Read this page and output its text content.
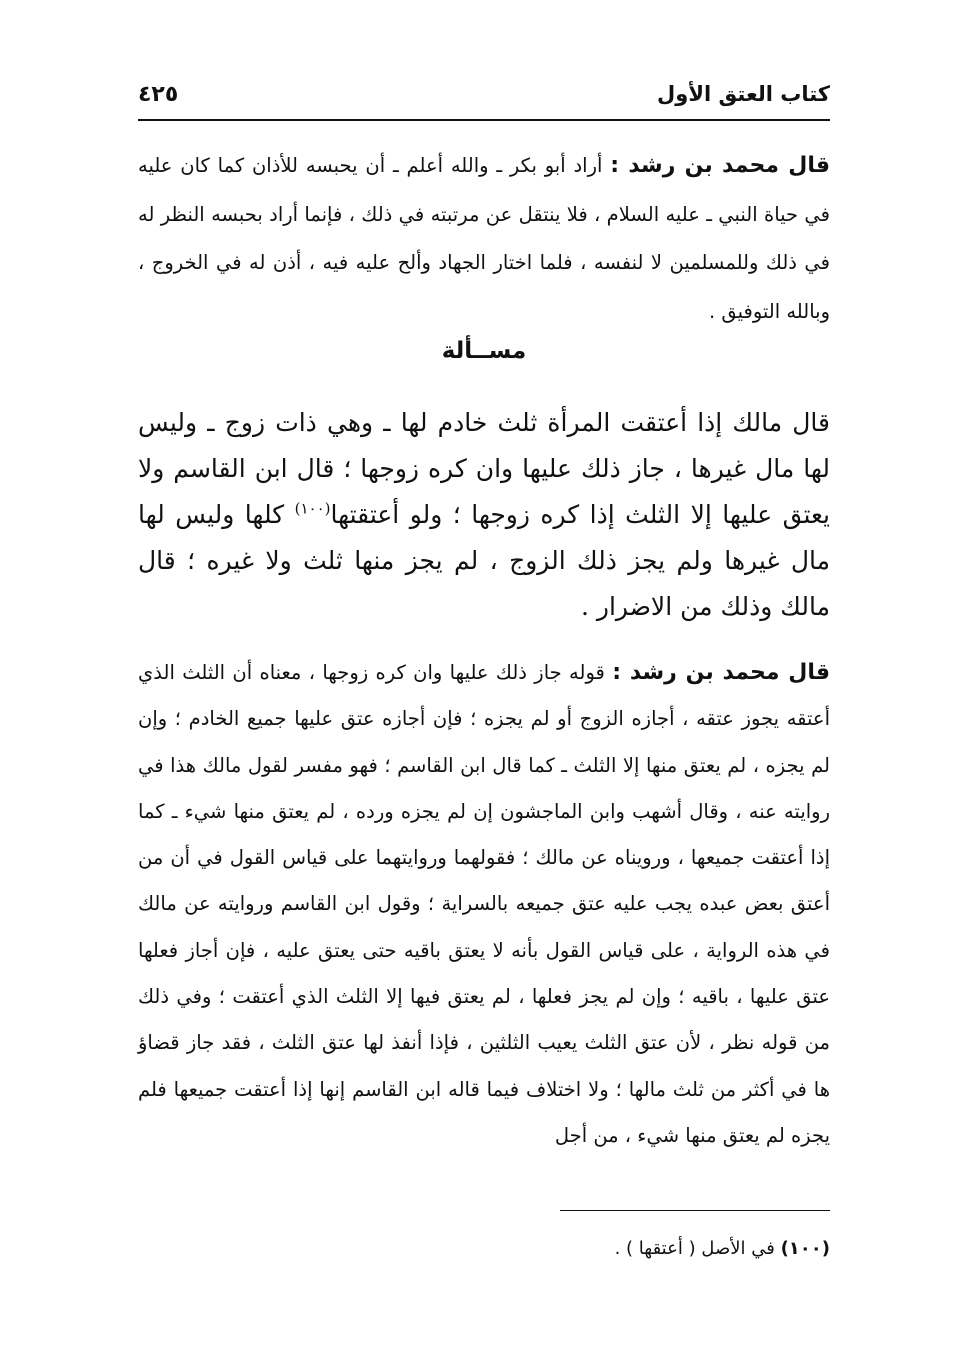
كتاب العتق الأول
٤٢٥
قال محمد بن رشد : أراد أبو بكر ـ والله أعلم ـ أن يحبسه للأذان كما كان عليه في حياة النبي ـ عليه السلام ، فلا ينتقل عن مرتبته في ذلك ، فإنما أراد بحبسه النظر له في ذلك وللمسلمين لا لنفسه ، فلما اختار الجهاد وألح عليه فيه ، أذن له في الخروج ، وبالله التوفيق .
مســألة
قال مالك إذا أعتقت المرأة ثلث خادم لها ـ وهي ذات زوج ـ وليس لها مال غيرها ، جاز ذلك عليها وان كره زوجها ؛ قال ابن القاسم ولا يعتق عليها إلا الثلث إذا كره زوجها ؛ ولو أعتقتها$^{(١٠٠)}$ كلها وليس لها مال غيرها ولم يجز ذلك الزوج ، لم يجز منها ثلث ولا غيره ؛ قال مالك وذلك من الاضرار .
قال محمد بن رشد : قوله جاز ذلك عليها وان كره زوجها ، معناه أن الثلث الذي أعتقه يجوز عتقه ، أجازه الزوج أو لم يجزه ؛ فإن أجازه عتق عليها جميع الخادم ؛ وإن لم يجزه ، لم يعتق منها إلا الثلث ـ كما قال ابن القاسم ؛ فهو مفسر لقول مالك هذا في روايته عنه ، وقال أشهب وابن الماجشون إن لم يجزه ورده ، لم يعتق منها شيء ـ كما إذا أعتقت جميعها ، ورويناه عن مالك ؛ فقولهما وروايتهما على قياس القول في أن من أعتق بعض عبده يجب عليه عتق جميعه بالسراية ؛ وقول ابن القاسم وروايته عن مالك في هذه الرواية ، على قياس القول بأنه لا يعتق باقيه حتى يعتق عليه ، فإن أجاز فعلها عتق عليها ، باقيه ؛ وإن لم يجز فعلها ، لم يعتق فيها إلا الثلث الذي أعتقت ؛ وفي ذلك من قوله نظر ، لأن عتق الثلث يعيب الثلثين ، فإذا أنفذ لها عتق الثلث ، فقد جاز قضاؤ ها في أكثر من ثلث مالها ؛ ولا اختلاف فيما قاله ابن القاسم إنها إذا أعتقت جميعها فلم يجزه لم يعتق منها شيء ، من أجل
(١٠٠) في الأصل ( أعتقها ) .
